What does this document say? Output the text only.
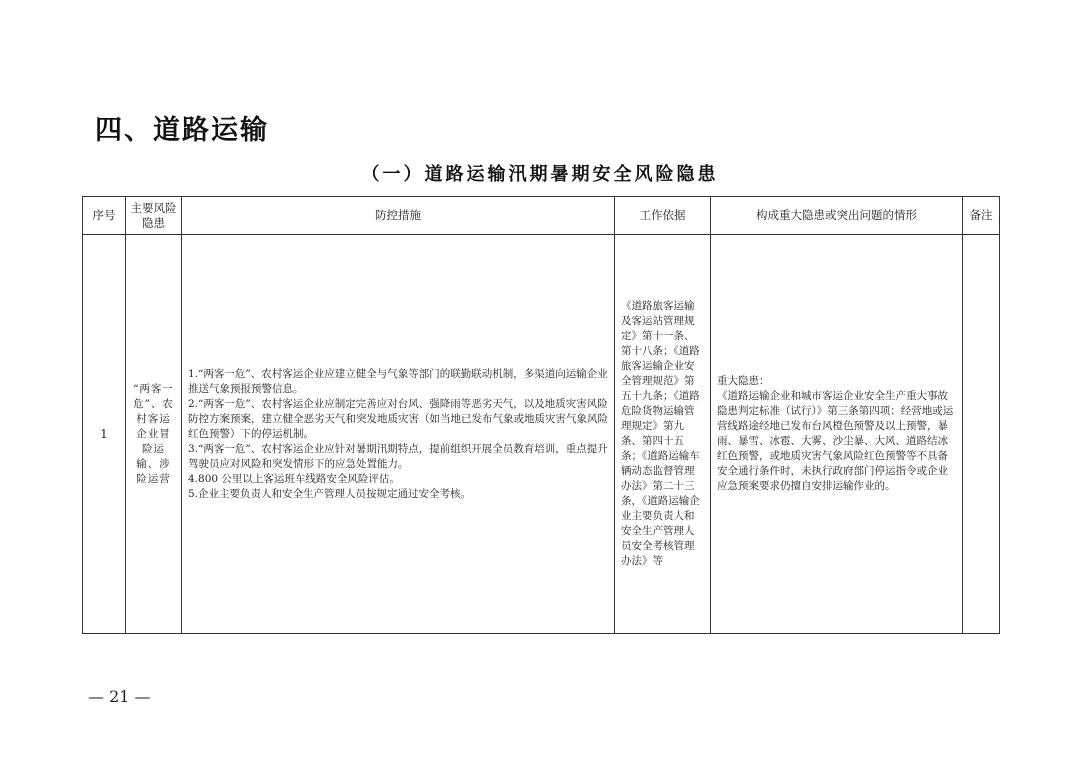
四、道路运输
（一）道路运输汛期暑期安全风险隐患
序号	主要风险隐患	防控措施	工作依据	构成重大隐患或突出问题的情形	备注
1	“两客一危”、农村客运企业冒险运输、涉险运营	1.“两客一危”、农村客运企业应建立健全与气象等部门的联勤联动机制，多渠道向运输企业推送气象预报预警信息。
2.“两客一危”、农村客运企业应制定完善应对台风、强降雨等恶劣天气，以及地质灾害风险防控方案预案，建立健全恶劣天气和突发地质灾害（如当地已发布气象或地质灾害气象风险红色预警）下的停运机制。
3.“两客一危”、农村客运企业应针对暑期汛期特点，提前组织开展全员教育培训，重点提升驾驶员应对风险和突发情形下的应急处置能力。
4.800 公里以上客运班车线路安全风险评估。
5.企业主要负责人和安全生产管理人员按规定通过安全考核。	《道路旅客运输及客运站管理规定》第十一条、第十八条；《道路旅客运输企业安全管理规范》第五十九条；《道路危险货物运输管理规定》第九条、第四十五条；《道路运输车辆动态监督管理办法》第二十三条，《道路运输企业主要负责人和安全生产管理人员安全考核管理办法》等	重大隐患：
《道路运输企业和城市客运企业安全生产重大事故隐患判定标准（试行）》第三条第四项：经营地或运营线路途经地已发布台风橙色预警及以上预警，暴雨、暴雪、冰雹、大雾、沙尘暴、大风、道路结冰红色预警，或地质灾害气象风险红色预警等不具备安全通行条件时，未执行政府部门停运指令或企业应急预案要求仍擅自安排运输作业的。	

— 21 —
